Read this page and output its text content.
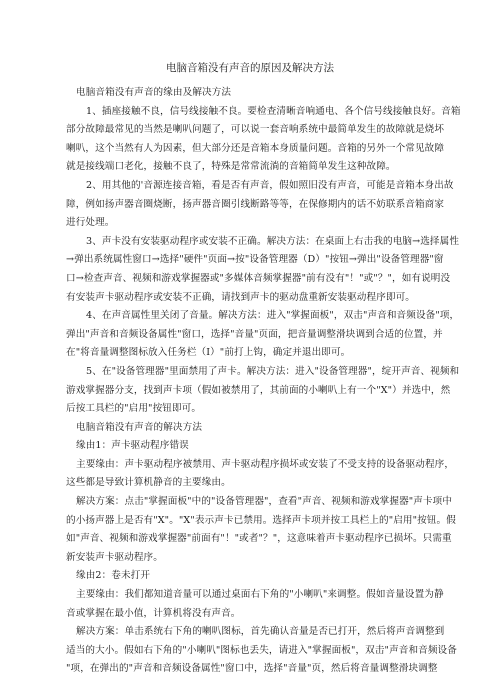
电脑音箱没有声音的原因及解决方法
电脑音箱没有声音的缘由及解决方法
1、插座接触不良，信号线接触不良。要检查清晰音响通电、各个信号线接触良好。音箱
部分故障最常见的当然是喇叭问题了，可以说一套音响系统中最简单发生的故障就是烧坏
喇叭，这个当然有人为因素，但大部分还是音箱本身质量问题。音箱的另外一个常见故障
就是接线端口老化，接触不良了，特殊是常常流淌的音箱简单发生这种故障。
2、用其他的'音源连接音箱，看是否有声音，假如照旧没有声音，可能是音箱本身出故
障，例如扬声器音圈烧断，扬声器音圈引线断路等等，在保修期内的话不妨联系音箱商家
进行处理。
3、声卡没有安装驱动程序或安装不正确。解决方法：在桌面上右击我的电脑→选择属性
→弹出系统属性窗口→选择"硬件"页面→按"设备管理器（D）"按钮→弹出"设备管理器"窗
口→检查声音、视频和游戏掌握器或"多媒体音频掌握器"前有没有"！"或"？"，如有说明没
有安装声卡驱动程序或安装不正确，请找到声卡的驱动盘重新安装驱动程序即可。
4、在声音属性里关闭了音量。解决方法：进入"掌握面板"，双击"声音和音频设备"项，
弹出"声音和音频设备属性"窗口，选择"音量"页面，把音量调整滑块调到合适的位置，并
在"将音量调整图标放入任务栏（I）"前打上钩，确定并退出即可。
5、在"设备管理器"里面禁用了声卡。解决方法：进入"设备管理器"，绽开声音、视频和
游戏掌握器分支，找到声卡项（假如被禁用了，其前面的小喇叭上有一个"X"）并选中，然
后按工具栏的"启用"按钮即可。
电脑音箱没有声音的解决方法
缘由1：声卡驱动程序错误
主要缘由：声卡驱动程序被禁用、声卡驱动程序损坏或安装了不受支持的设备驱动程序，
这些都是导致计算机静音的主要缘由。
解决方案：点击"掌握面板"中的"设备管理器"，查看"声音、视频和游戏掌握器"声卡项中
的小扬声器上是否有"X"。"X"表示声卡已禁用。选择声卡项并按工具栏上的"启用"按钮。假
如"声音、视频和游戏掌握器"前面有"！"或者"？"，这意味着声卡驱动程序已损坏。只需重
新安装声卡驱动程序。
缘由2：卷未打开
主要缘由：我们都知道音量可以通过桌面右下角的"小喇叭"来调整。假如音量设置为静
音或掌握在最小值，计算机将没有声音。
解决方案：单击系统右下角的喇叭图标，首先确认音量是否已打开，然后将声音调整到
适当的大小。假如右下角的"小喇叭"图标也丢失，请进入"掌握面板"，双击"声音和音频设备
"项，在弹出的"声音和音频设备属性"窗口中，选择"音量"页，然后将音量调整滑块调整
